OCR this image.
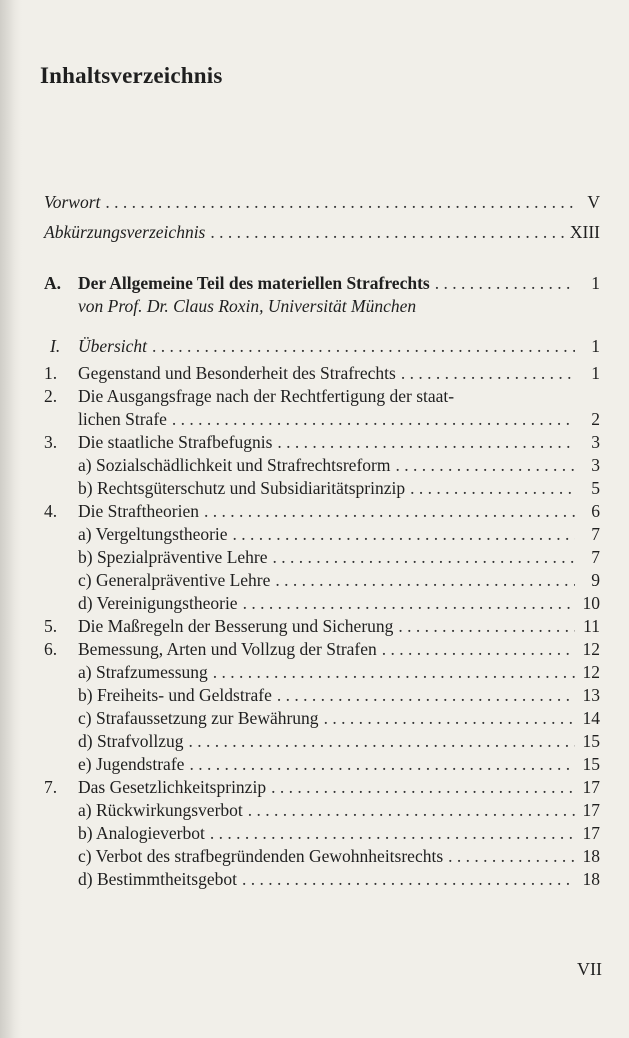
Inhaltsverzeichnis
Vorwort . . .	V
Abkürzungsverzeichnis . . .	XIII
A. Der Allgemeine Teil des materiellen Strafrechts . . .	1
von Prof. Dr. Claus Roxin, Universität München
I. Übersicht . . .	1
1. Gegenstand und Besonderheit des Strafrechts . . .	1
2. Die Ausgangsfrage nach der Rechtfertigung der staat-
lichen Strafe . . .	2
3. Die staatliche Strafbefugnis . . .	3
a) Sozialschädlichkeit und Strafrechtsreform . . .	3
b) Rechtsgüterschutz und Subsidiaritätsprinzip . . .	5
4. Die Straftheorien . . .	6
a) Vergeltungstheorie . . .	7
b) Spezialpräventive Lehre . . .	7
c) Generalpräventive Lehre . . .	9
d) Vereinigungstheorie . . .	10
5. Die Maßregeln der Besserung und Sicherung . . .	11
6. Bemessung, Arten und Vollzug der Strafen . . .	12
a) Strafzumessung . . .	12
b) Freiheits- und Geldstrafe . . .	13
c) Strafaussetzung zur Bewährung . . .	14
d) Strafvollzug . . .	15
e) Jugendstrafe . . .	15
7. Das Gesetzlichkeitsprinzip . . .	17
a) Rückwirkungsverbot . . .	17
b) Analogieverbot . . .	17
c) Verbot des strafbegründenden Gewohnheitsrechts . . .	18
d) Bestimmtheitsgebot . . .	18
VII
